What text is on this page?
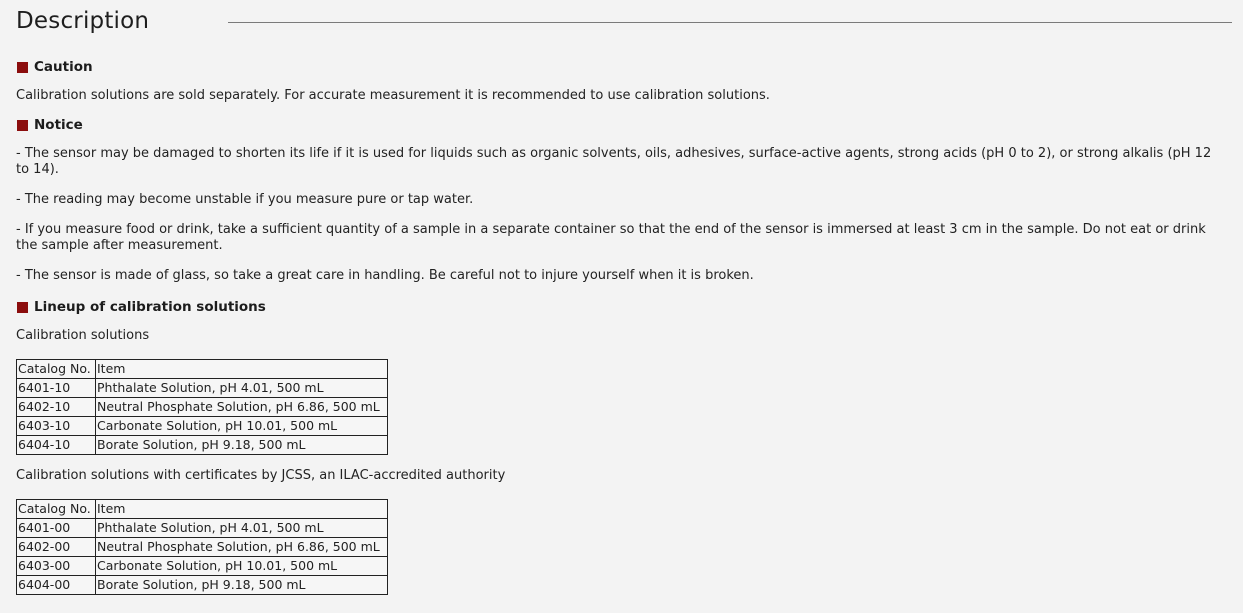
Description
Caution

Calibration solutions are sold separately. For accurate measurement it is recommended to use calibration solutions.

Notice

- The sensor may be damaged to shorten its life if it is used for liquids such as organic solvents, oils, adhesives, surface-active agents, strong acids (pH 0 to 2), or strong alkalis (pH 12 to 14).

- The reading may become unstable if you measure pure or tap water.

- If you measure food or drink, take a sufficient quantity of a sample in a separate container so that the end of the sensor is immersed at least 3 cm in the sample. Do not eat or drink the sample after measurement.

- The sensor is made of glass, so take a great care in handling. Be careful not to injure yourself when it is broken.

Lineup of calibration solutions

Calibration solutions

Catalog No.	Item
6401-10	Phthalate Solution, pH 4.01, 500 mL
6402-10	Neutral Phosphate Solution, pH 6.86, 500 mL
6403-10	Carbonate Solution, pH 10.01, 500 mL
6404-10	Borate Solution, pH 9.18, 500 mL

Calibration solutions with certificates by JCSS, an ILAC-accredited authority

Catalog No.	Item
6401-00	Phthalate Solution, pH 4.01, 500 mL
6402-00	Neutral Phosphate Solution, pH 6.86, 500 mL
6403-00	Carbonate Solution, pH 10.01, 500 mL
6404-00	Borate Solution, pH 9.18, 500 mL
